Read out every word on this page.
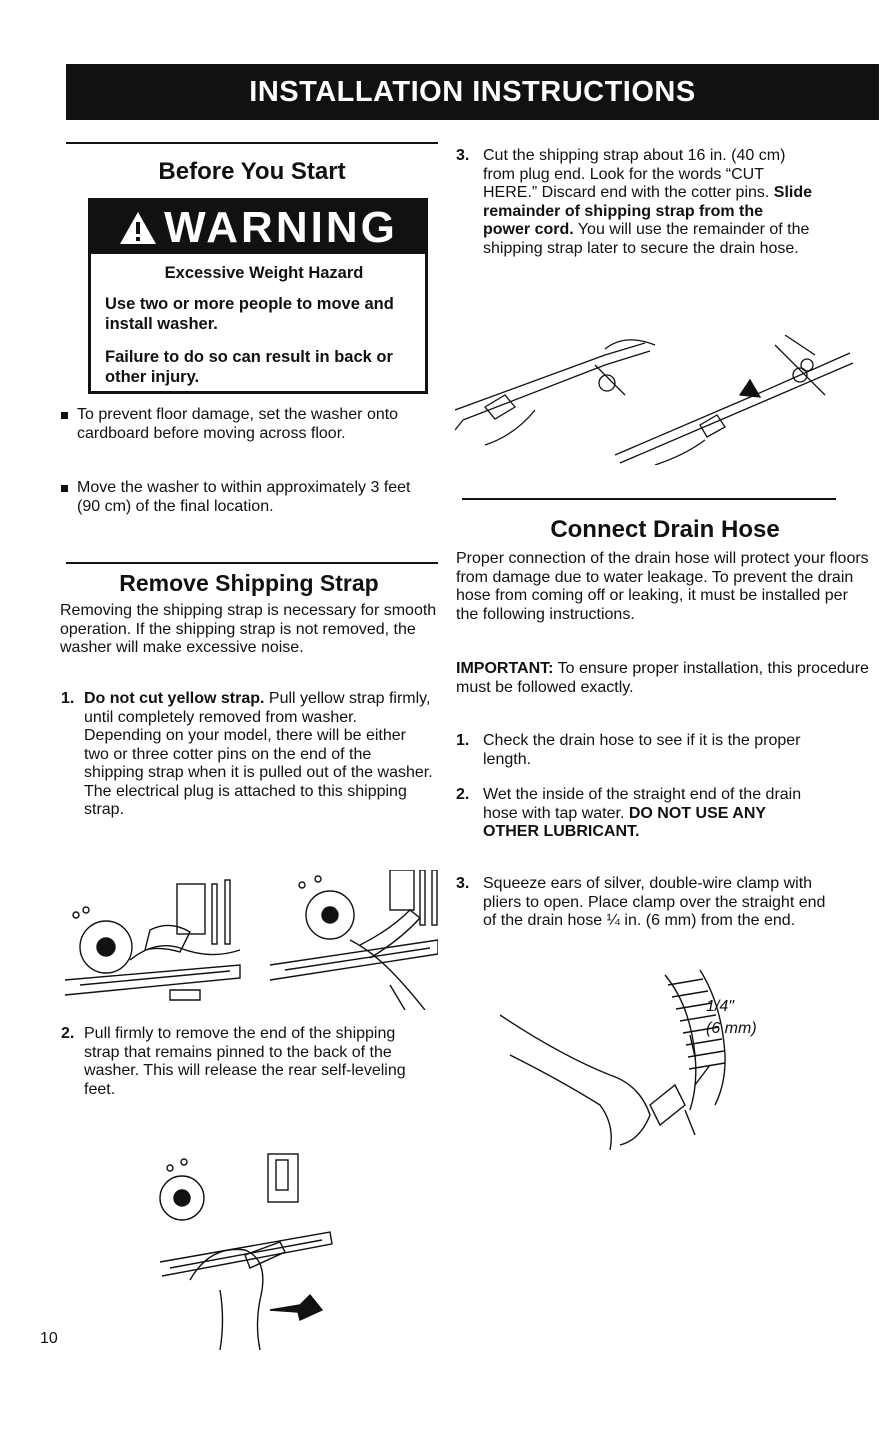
INSTALLATION INSTRUCTIONS
Before You Start
WARNING

Excessive Weight Hazard

Use two or more people to move and install washer.

Failure to do so can result in back or other injury.

To prevent floor damage, set the washer onto cardboard before moving across floor.

Move the washer to within approximately 3 feet (90 cm) of the final location.

Remove Shipping Strap

Removing the shipping strap is necessary for smooth operation. If the shipping strap is not removed, the washer will make excessive noise.

1. Do not cut yellow strap. Pull yellow strap firmly, until completely removed from washer. Depending on your model, there will be either two or three cotter pins on the end of the shipping strap when it is pulled out of the washer. The electrical plug is attached to this shipping strap.

2. Pull firmly to remove the end of the shipping strap that remains pinned to the back of the washer. This will release the rear self-leveling feet.

10
3. Cut the shipping strap about 16 in. (40 cm) from plug end. Look for the words “CUT HERE.” Discard end with the cotter pins. Slide remainder of shipping strap from the power cord. You will use the remainder of the shipping strap later to secure the drain hose.

Connect Drain Hose

Proper connection of the drain hose will protect your floors from damage due to water leakage. To prevent the drain hose from coming off or leaking, it must be installed per the following instructions.

IMPORTANT: To ensure proper installation, this procedure must be followed exactly.

1. Check the drain hose to see if it is the proper length.

2. Wet the inside of the straight end of the drain hose with tap water. DO NOT USE ANY OTHER LUBRICANT.

3. Squeeze ears of silver, double-wire clamp with pliers to open. Place clamp over the straight end of the drain hose ¼ in. (6 mm) from the end.

1/4"
(6 mm)
